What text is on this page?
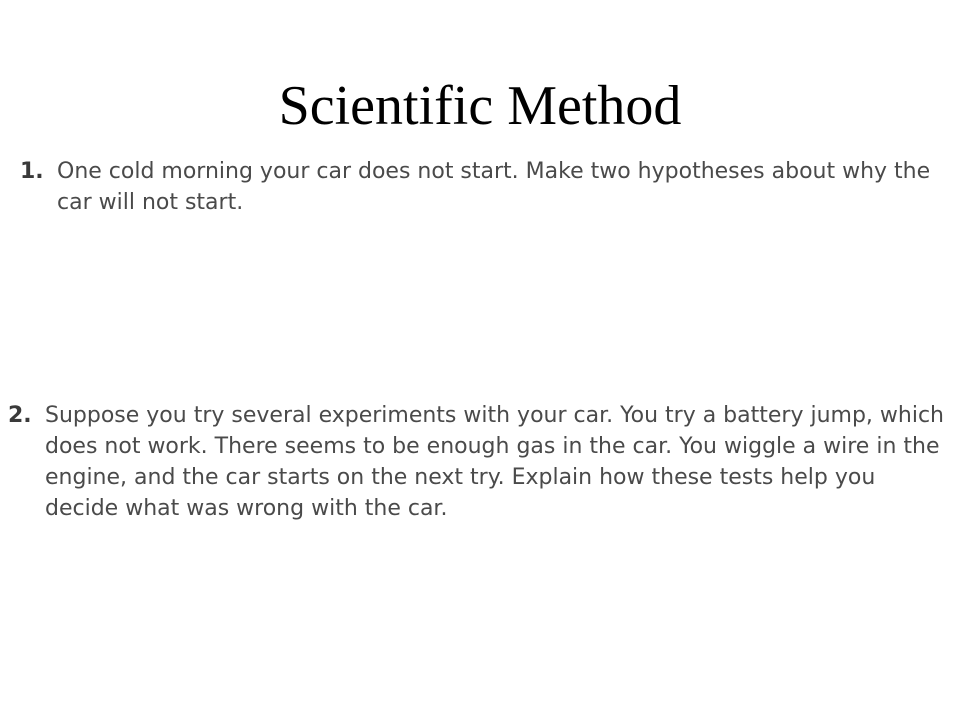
Scientific Method
1. One cold morning your car does not start. Make two hypotheses about why the car will not start.
2. Suppose you try several experiments with your car. You try a battery jump, which does not work. There seems to be enough gas in the car. You wiggle a wire in the engine, and the car starts on the next try. Explain how these tests help you decide what was wrong with the car.
